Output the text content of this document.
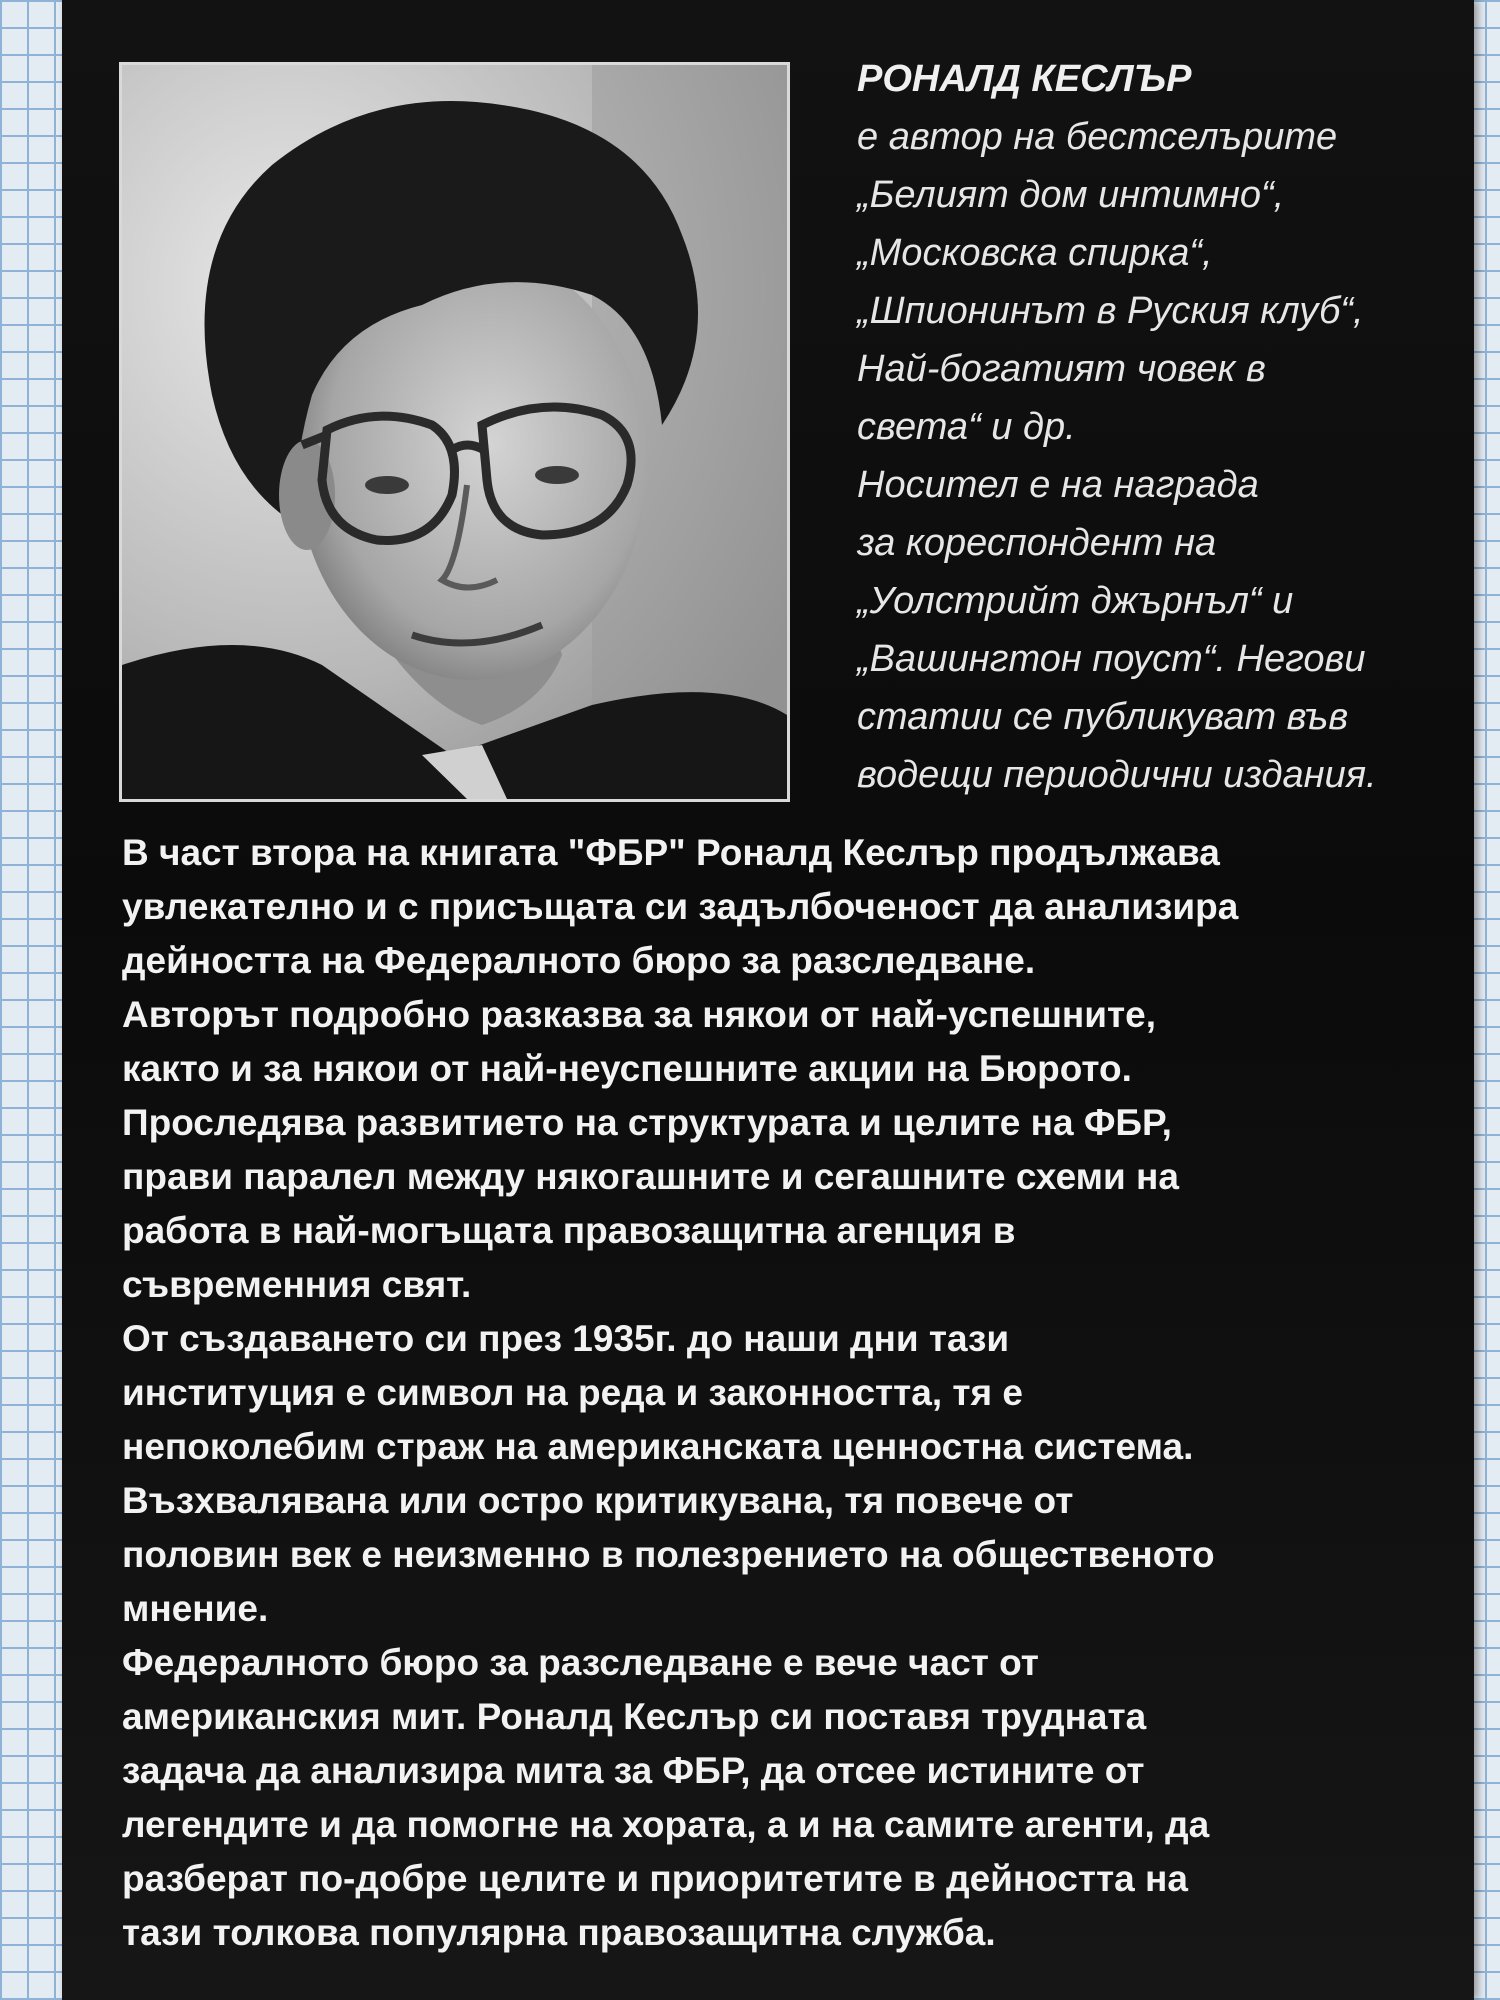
РОНАЛД КЕСЛЪР
е автор на бестселърите
„Белият дом интимно“,
„Московска спирка“,
„Шпионинът в Руския клуб“,
Най-богатият човек в
света“ и др.
Носител е на награда
за кореспондент на
„Уолстрийт джърнъл“ и
„Вашингтон поуст“. Негови
статии се публикуват във
водещи периодични издания.
В част втора на книгата "ФБР" Роналд Кеслър продължава
увлекателно и с присъщата си задълбоченост да анализира
дейността на Федералното бюро за разследване.
Авторът подробно разказва за някои от най-успешните,
както и за някои от най-неуспешните акции на Бюрото.
Проследява развитието на структурата и целите на ФБР,
прави паралел между някогашните и сегашните схеми на
работа в най-могъщата правозащитна агенция в
съвременния свят.
От създаването си през 1935г. до наши дни тази
институция е символ на реда и законността, тя е
непоколебим страж на американската ценностна система.
Възхвалявана или остро критикувана, тя повече от
половин век е неизменно в полезрението на общественото
мнение.
Федералното бюро за разследване е вече част от
американския мит. Роналд Кеслър си поставя трудната
задача да анализира мита за ФБР, да отсее истините от
легендите и да помогне на хората, а и на самите агенти, да
разберат по-добре целите и приоритетите в дейността на
тази толкова популярна правозащитна служба.
